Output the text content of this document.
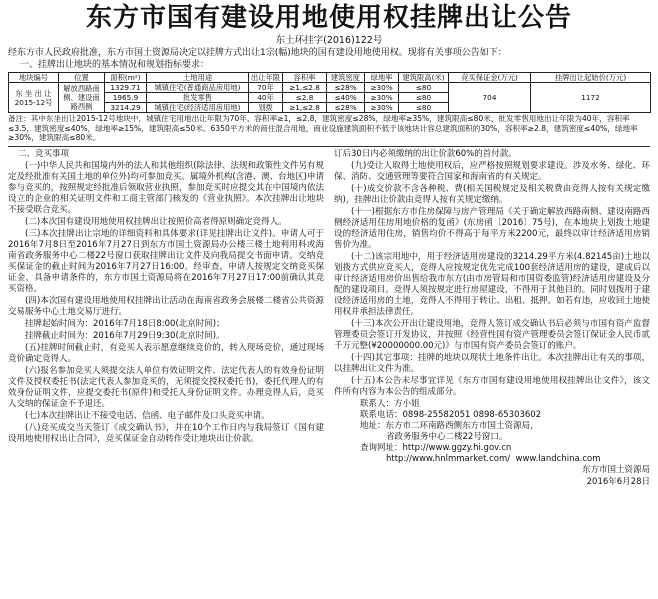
东方市国有建设用地使用权挂牌出让公告
东土环挂字(2016)122号
经东方市人民政府批准，东方市国土资源局决定以挂牌方式出让1宗(幅)地块的国有建设用地使用权。现将有关事项公告如下：
一、挂牌出让地块的基本情况和规划指标要求：
地块编号	位置	面积(m²)	土地用途	出让年限	容积率	建筑密度	绿地率	建筑限高(米)	竞买保证金(万元)	挂牌出让起始价(万元)
东 坐 出 让 2015-12号	解放西路南侧、建设南路西侧	1329.71	城镇住宅(普通商品房用地)	70年	≥1,≤2.8	≤28%	≥30%	≤80	704	1172
		1965.9	批发零售	40年	≤2.8	≤40%	≥30%	≤80		
		3214.29	城镇住宅(经济适用房用地)	划拨	≥1,≤2.8	≤28%	≥30%	≤80		
备注：其中东坐出让2015-12号地块中，城镇住宅用地出让年限为70年，容积率≥1，≤2.8，建筑密度≤28%，绿地率≥35%，建筑限高≤80米，批发零售用地出让年限为40年，容积率≤3.5，建筑密度≤40%，绿地率≥15%，建筑限高≤50米。6350平方米的商住混合用地，商业设施建筑面积不低于该地块计容总建筑面积的30%，容积率≥2.8，建筑密度≤40%，绿地率≥30%，建筑限高≤80米。

二、竞买事项

(一)中华人民共和国境内外的法人和其他组织(除法律、法规和政策性文件另有规定及经批准有关国土地的单位外)均可参加竞买。属境外机构(含港、澳、台地区)申请参与竞买的，按照规定经批准后领取营业执照，参加竞买时应提交其在中国境内依法设立的企业的相关证明文件和工商主管部门核发的《营业执照》。本次挂牌出让地块不接受联合竞买。

(二)本次国有建设用地使用权挂牌出让按照价高者得原则确定竞得人。

(三)本次挂牌出让宗地的详细资料和具体要求(详见挂牌出让文件)。申请人可于2016年7月8日至2016年7月27日到东方市国土资源局办公楼三楼土地利用科或海南省政务服务中心二楼22号窗口获取挂牌出让文件及向我局提交书面申请。交纳竞买保证金的截止时间为2016年7月27日16:00。经审查，申请人按规定交纳竞买保证金，具备申请条件的，东方市国土资源局将在2016年7月27日17:00前确认其竞买资格。

(四)本次国有建设用地使用权挂牌出让活动在海南省政务会展楼二楼省公共资源交易服务中心土地交易厅进行。

挂牌起始时间为：2016年7月18日8:00(北京时间)；

挂牌截止时间为：2016年7月29日9:30(北京时间)。

(五)挂牌时间截止时，有竞买人表示愿意继续竞价的，转入现场竞价，通过现场竞价确定竞得人。

(六)报名参加竞买人须提交法人单位有效证明文件、法定代表人的有效身份证明文件及授权委托书(法定代表人参加竞买的，无须提交授权委托书)，委托代理人的有效身份证明文件，应提交委托书(原件)和受托人身份证明文件。办理竞得人后，竞买人交纳的保证金不予退还。

(七)本次挂牌出让不接受电话、信函、电子邮件及口头竞买申请。

(八)竞买成交当天签订《成交确认书》，并在10个工作日内与我局签订《国有建设用地使用权出让合同》，竞买保证金自动转作受让地块出让价款。

订后30日内必须缴纳的出让价款60%的首付款。

(九)受让人取得土地使用权后，应严格按照规划要求建设。涉及水务、绿化、环保、消防、交通管理等要符合国家和海南省的有关规定。

(十)成交价款不含各种税、费(相关国税规定及相关税费由竞得人按有关规定缴纳)，挂牌出让价款由竞得人按有关规定缴纳。

(十一)根据东方市住房保障与房产管理局《关于确定解放西路南侧、建设南路西侧经济适用住房用地价格的复函》(东房函〔2016〕75号)，在本地块上划拨土地建设的经济适用住房，销售均价不得高于每平方米2200元，最终以审计经济适用房销售价为准。

(十二)该宗用地中，用于经济适用房建设的3214.29平方米(4.82145亩)土地以划拨方式供应竞买人，竞得人应按规定优先完成100套经济适用房的建设，建成后以审计经济适用房价出售给我市东方(由市房管局和市国资委监管)经济适用房建设及分配的建设项目。竞得人须按规定进行房屋建设，不得用于其他目的。同时划拨用于建设经济适用房的土地，竞得人不得用于转让、出租、抵押。如若有违，应收回土地使用权并承担法律责任。

(十三)本次公开出让建设用地，竞得人签订成交确认书后必须与市国有资产监督管理委员会签订开发协议，并按照《经营性国有资产管理委员会签订保证金人民币贰千万元整(¥20000000.00元)》与市国有资产委员会签订的账户。

(十四)其它事项：挂牌的地块以现状土地条件出让。本次挂牌出让有关的事项，以挂牌出让文件为准。

(十五)本公告未尽事宜详见《东方市国有建设用地使用权挂牌出让文件》，该文件所有内容为本公告的组成部分。

联系人：方小姐

联系电话：0898-25582051 0898-65303602

地址：东方市二环南路西侧东方市国土资源局，

省政务服务中心二楼22号窗口。

查询网址：http://www.ggzy.hi.gov.cn

http://www.hnlmmarket.com/ www.landchina.com

东方市国土资源局

2016年6月28日
